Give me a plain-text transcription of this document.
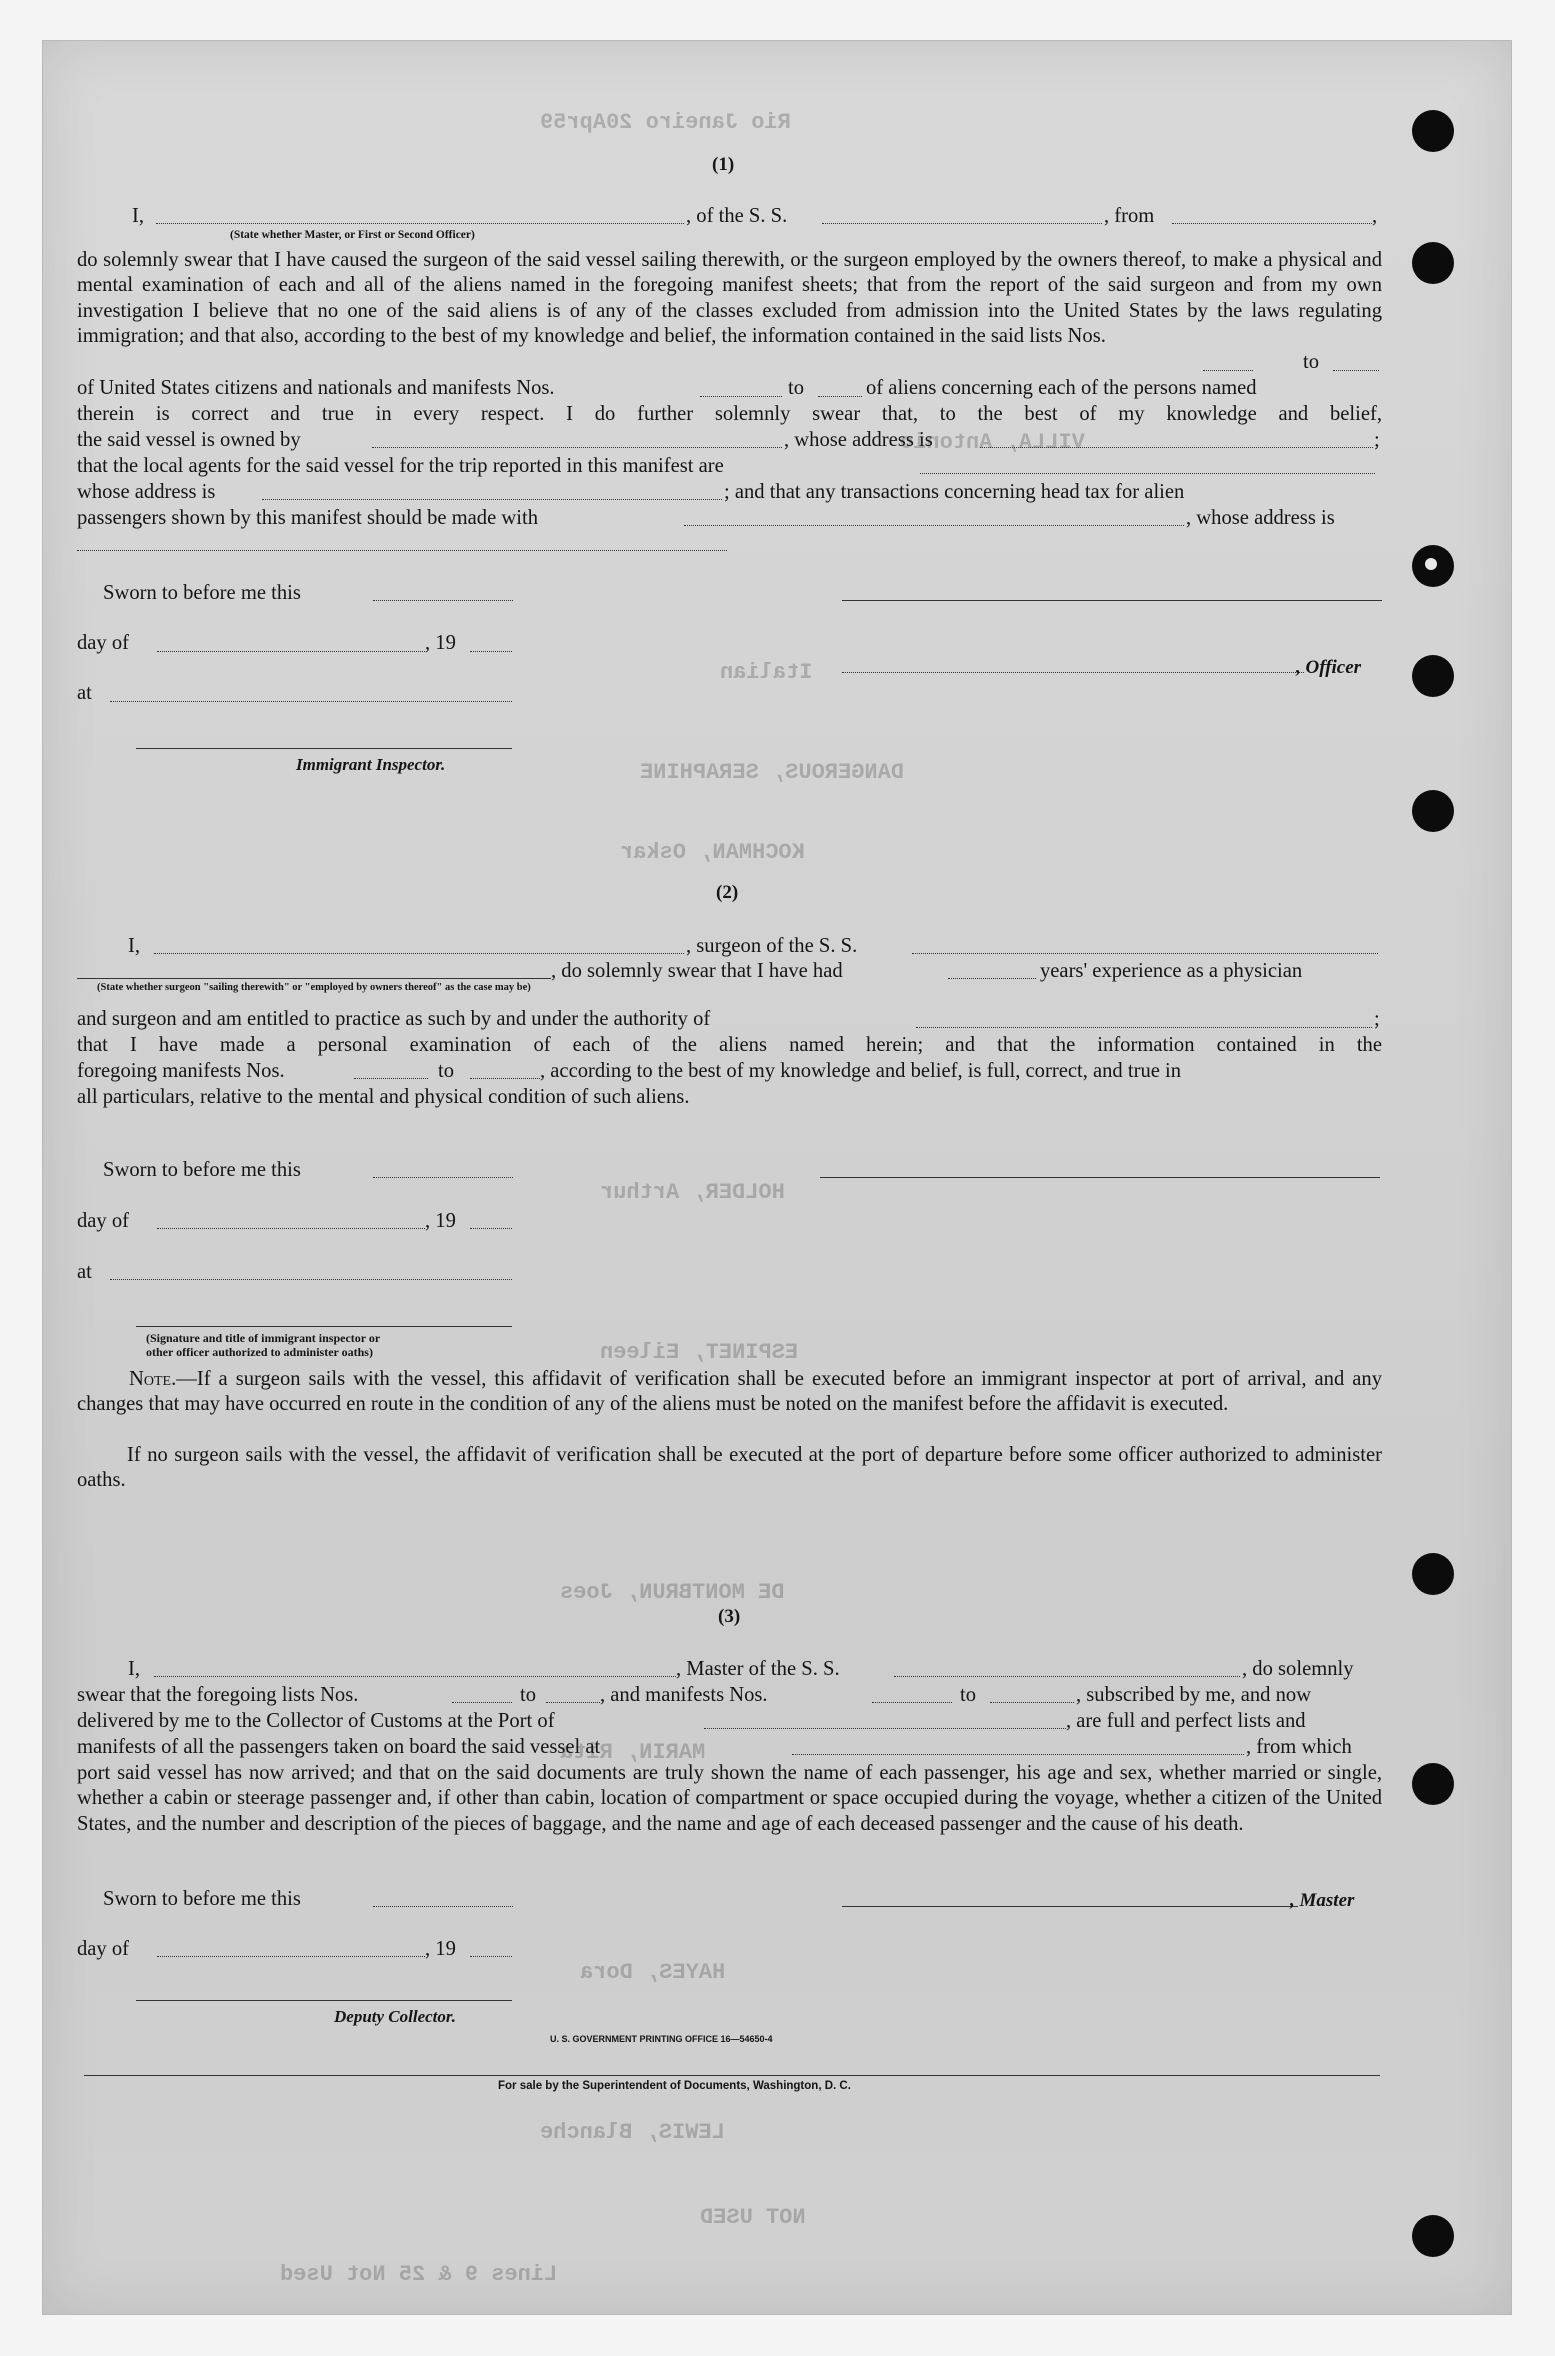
Rio Janeiro 20Apr59
VILLA, Antonio
Italian
DANGEROUS, SERAPHINE
KOCHMAN, Oskar
HOLDER, Arthur
ESPINET, Eileen
DE MONTBRUN, Joes
MARIN, Rita
HAYES, Dora
LEWIS, Blanche
NOT USED
Lines 9 & 25 Not Used
(1)
I,	, of the S. S.	, from	,
(State whether Master, or First or Second Officer)
do solemnly swear that I have caused the surgeon of the said vessel sailing therewith, or the surgeon employed by the owners thereof, to make a physical and mental examination of each and all of the aliens named in the foregoing manifest sheets; that from the report of the said surgeon and from my own investigation I believe that no one of the said aliens is of any of the classes excluded from admission into the United States by the laws regulating immigration; and that also, according to the best of my knowledge and belief, the information contained in the said lists Nos.
to
of United States citizens and nationals and manifests Nos.	to	of aliens concerning each of the persons named
therein is correct and true in every respect. I do further solemnly swear that, to the best of my knowledge and belief,
the said vessel is owned by	, whose address is	;
that the local agents for the said vessel for the trip reported in this manifest are
whose address is	; and that any transactions concerning head tax for alien
passengers shown by this manifest should be made with	, whose address is
Sworn to before me this
day of	, 19
, Officer
at
Immigrant Inspector.
(2)
I,	, surgeon of the S. S.
, do solemnly swear that I have had	years' experience as a physician
(State whether surgeon "sailing therewith" or "employed by owners thereof" as the case may be)
and surgeon and am entitled to practice as such by and under the authority of	;
that I have made a personal examination of each of the aliens named herein; and that the information contained in the
foregoing manifests Nos.	to	, according to the best of my knowledge and belief, is full, correct, and true in
all particulars, relative to the mental and physical condition of such aliens.
Sworn to before me this
day of	, 19
at
(Signature and title of immigrant inspector or
other officer authorized to administer oaths)
Note.—If a surgeon sails with the vessel, this affidavit of verification shall be executed before an immigrant inspector at port of arrival, and any changes that may have occurred en route in the condition of any of the aliens must be noted on the manifest before the affidavit is executed.
If no surgeon sails with the vessel, the affidavit of verification shall be executed at the port of departure before some officer authorized to administer oaths.
(3)
I,	, Master of the S. S.	, do solemnly
swear that the foregoing lists Nos.	to	, and manifests Nos.	to	, subscribed by me, and now
delivered by me to the Collector of Customs at the Port of	, are full and perfect lists and
manifests of all the passengers taken on board the said vessel at	, from which
port said vessel has now arrived; and that on the said documents are truly shown the name of each passenger, his age and sex, whether married or single, whether a cabin or steerage passenger and, if other than cabin, location of compartment or space occupied during the voyage, whether a citizen of the United States, and the number and description of the pieces of baggage, and the name and age of each deceased passenger and the cause of his death.
Sworn to before me this	, Master
day of	, 19
Deputy Collector.
U. S. GOVERNMENT PRINTING OFFICE 16—54650-4
For sale by the Superintendent of Documents, Washington, D. C.
